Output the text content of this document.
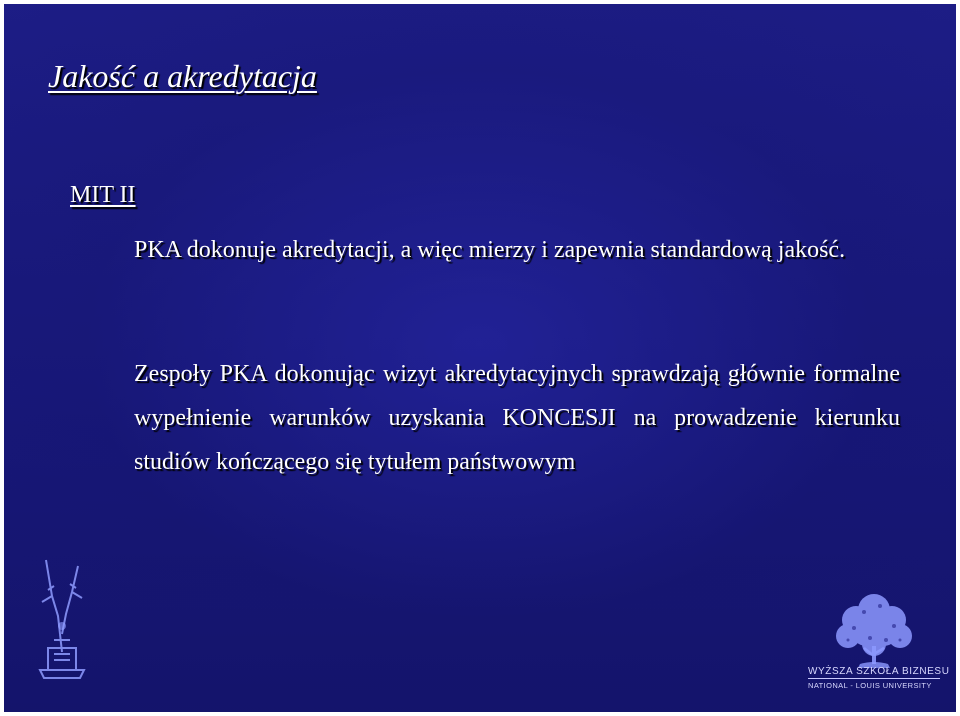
Jakość a akredytacja
MIT II
PKA dokonuje akredytacji, a więc mierzy i zapewnia standardową jakość.
Zespoły PKA dokonując wizyt akredytacyjnych sprawdzają głównie formalne wypełnienie warunków uzyskania KONCESJI na prowadzenie kierunku studiów kończącego się tytułem państwowym
WYŻSZA SZKOŁA BIZNESU
NATIONAL - LOUIS UNIVERSITY
